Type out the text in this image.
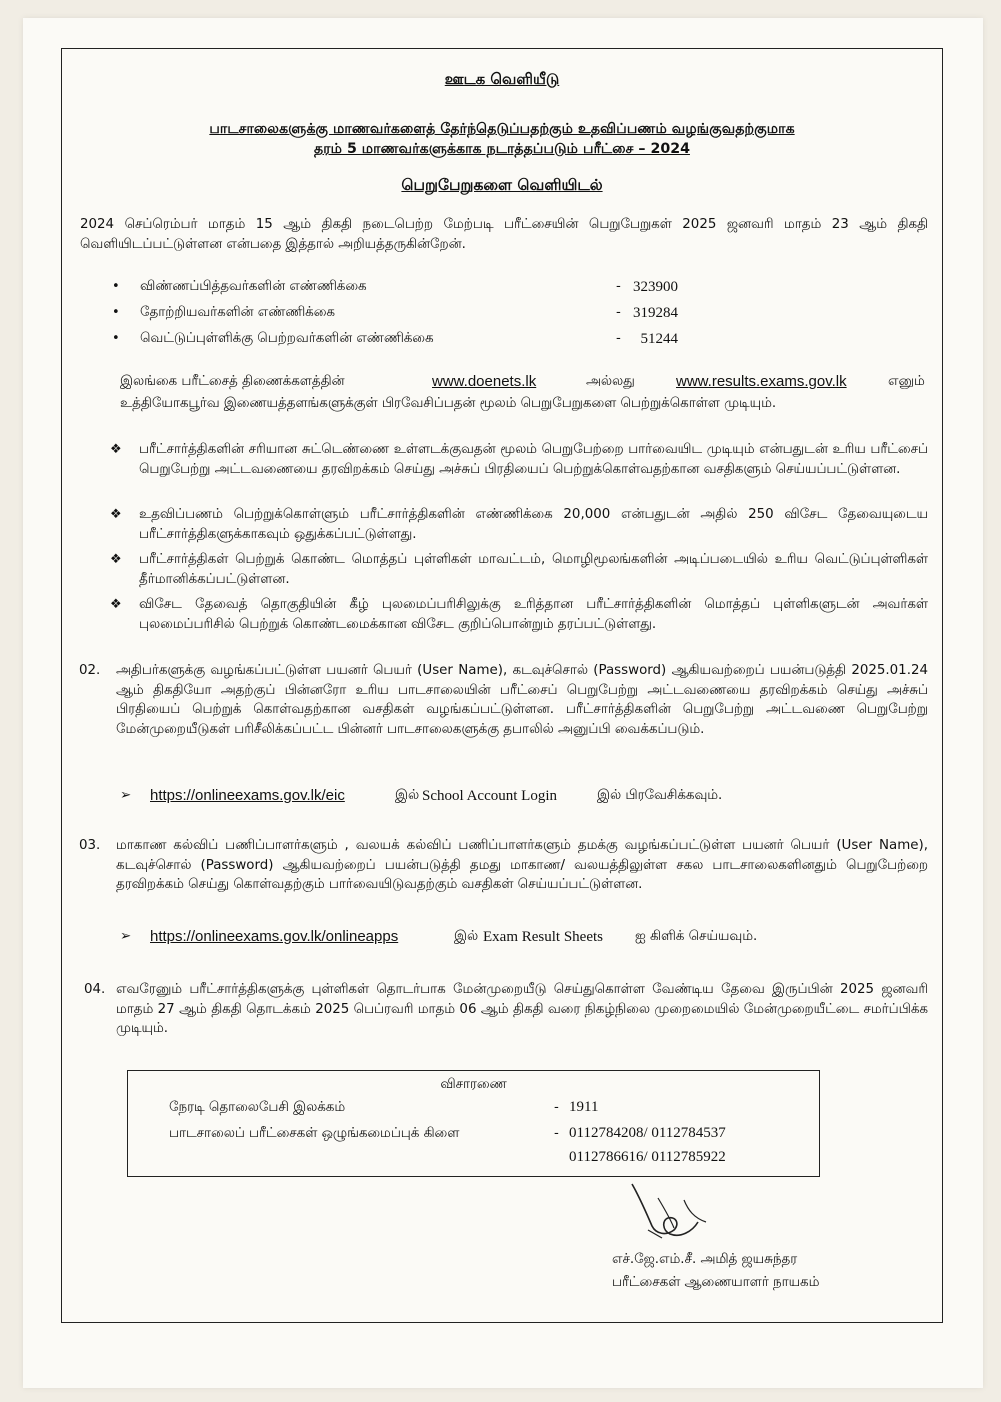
ஊடக வெளியீடு
பாடசாலைகளுக்கு மாணவர்களைத் தேர்ந்தெடுப்பதற்கும் உதவிப்பணம் வழங்குவதற்குமாக
தரம் 5 மாணவர்களுக்காக நடாத்தப்படும் பரீட்சை – 2024
பெறுபேறுகளை வெளியிடல்
2024 செப்ரெம்பர் மாதம் 15 ஆம் திகதி நடைபெற்ற மேற்படி பரீட்சையின் பெறுபேறுகள் 2025 ஜனவரி மாதம் 23 ஆம் திகதி வெளியிடப்பட்டுள்ளன என்பதை இத்தால் அறியத்தருகின்றேன்.
• விண்ணப்பித்தவர்களின் எண்ணிக்கை	- 323900
• தோற்றியவர்களின் எண்ணிக்கை	- 319284
• வெட்டுப்புள்ளிக்கு பெற்றவர்களின் எண்ணிக்கை	-	51244
இலங்கை பரீட்சைத் திணைக்களத்தின்	www.doenets.lk	அல்லது	www.results.exams.gov.lk	எனும்
உத்தியோகபூர்வ இணையத்தளங்களுக்குள் பிரவேசிப்பதன் மூலம் பெறுபேறுகளை பெற்றுக்கொள்ள முடியும்.
❖ பரீட்சார்த்திகளின் சரியான சுட்டெண்ணை உள்ளடக்குவதன் மூலம் பெறுபேற்றை பார்வையிட முடியும் என்பதுடன் உரிய பரீட்சைப் பெறுபேற்று அட்டவணையை தரவிறக்கம் செய்து அச்சுப் பிரதியைப் பெற்றுக்கொள்வதற்கான வசதிகளும் செய்யப்பட்டுள்ளன.
❖ உதவிப்பணம் பெற்றுக்கொள்ளும் பரீட்சார்த்திகளின் எண்ணிக்கை 20,000 என்பதுடன் அதில் 250 விசேட தேவையுடைய பரீட்சார்த்திகளுக்காகவும் ஒதுக்கப்பட்டுள்ளது.
❖ பரீட்சார்த்திகள் பெற்றுக் கொண்ட மொத்தப் புள்ளிகள் மாவட்டம், மொழிமூலங்களின் அடிப்படையில் உரிய வெட்டுப்புள்ளிகள் தீர்மானிக்கப்பட்டுள்ளன.
❖ விசேட தேவைத் தொகுதியின் கீழ் புலமைப்பரிசிலுக்கு உரித்தான பரீட்சார்த்திகளின் மொத்தப் புள்ளிகளுடன் அவர்கள் புலமைப்பரிசில் பெற்றுக் கொண்டமைக்கான விசேட குறிப்பொன்றும் தரப்பட்டுள்ளது.
02. அதிபர்களுக்கு வழங்கப்பட்டுள்ள பயனர் பெயர் (User Name), கடவுச்சொல் (Password) ஆகியவற்றைப் பயன்படுத்தி 2025.01.24 ஆம் திகதியோ அதற்குப் பின்னரோ உரிய பாடசாலையின் பரீட்சைப் பெறுபேற்று அட்டவணையை தரவிறக்கம் செய்து அச்சுப் பிரதியைப் பெற்றுக் கொள்வதற்கான வசதிகள் வழங்கப்பட்டுள்ளன. பரீட்சார்த்திகளின் பெறுபேற்று அட்டவணை பெறுபேற்று மேன்முறையீடுகள் பரிசீலிக்கப்பட்ட பின்னர் பாடசாலைகளுக்கு தபாலில் அனுப்பி வைக்கப்படும்.
➢ https://onlineexams.gov.lk/eic	இல் School Account Login	இல் பிரவேசிக்கவும்.
03. மாகாண கல்விப் பணிப்பாளர்களும் , வலயக் கல்விப் பணிப்பாளர்களும் தமக்கு வழங்கப்பட்டுள்ள பயனர் பெயர் (User Name), கடவுச்சொல் (Password) ஆகியவற்றைப் பயன்படுத்தி தமது மாகாண/ வலயத்திலுள்ள சகல பாடசாலைகளினதும் பெறுபேற்றை தரவிறக்கம் செய்து கொள்வதற்கும் பார்வையிடுவதற்கும் வசதிகள் செய்யப்பட்டுள்ளன.
➢ https://onlineexams.gov.lk/onlineapps	இல் Exam Result Sheets ஐ கிளிக் செய்யவும்.
04. எவரேனும் பரீட்சார்த்திகளுக்கு புள்ளிகள் தொடர்பாக மேன்முறையீடு செய்துகொள்ள வேண்டிய தேவை இருப்பின் 2025 ஜனவரி மாதம் 27 ஆம் திகதி தொடக்கம் 2025 பெப்ரவரி மாதம் 06 ஆம் திகதி வரை நிகழ்நிலை முறைமையில் மேன்முறையீட்டை சமர்ப்பிக்க முடியும்.
விசாரணை
நேரடி தொலைபேசி இலக்கம்	- 1911
பாடசாலைப் பரீட்சைகள் ஒழுங்கமைப்புக் கிளை	- 0112784208/ 0112784537
0112786616/ 0112785922
எச்.ஜே.எம்.சீ. அமித் ஜயசுந்தர
பரீட்சைகள் ஆணையாளர் நாயகம்
